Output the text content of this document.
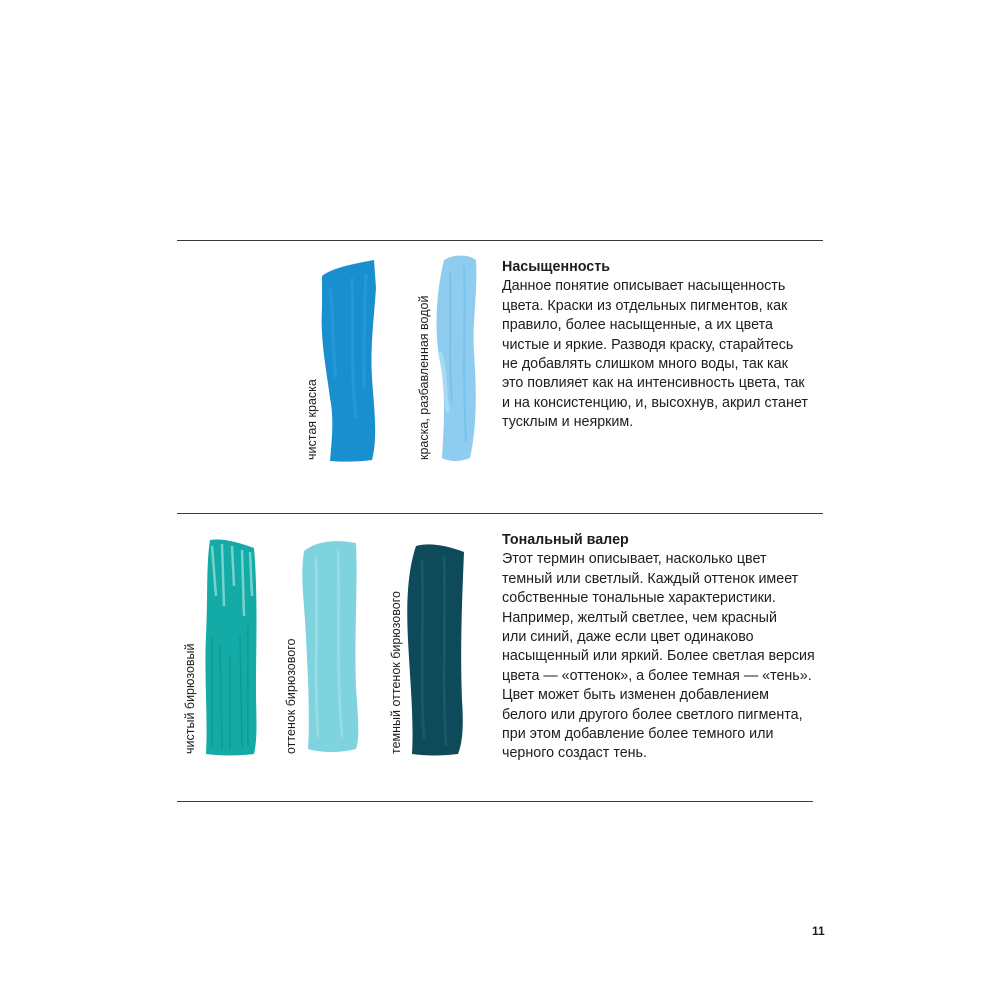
чистая краска	краска, разбавленная водой
Насыщенность
Данное понятие описывает насыщенность
цвета. Краски из отдельных пигментов, как
правило, более насыщенные, а их цвета
чистые и яркие. Разводя краску, старайтесь
не добавлять слишком много воды, так как
это повлияет как на интенсивность цвета, так
и на консистенцию, и, высохнув, акрил станет
тусклым и неярким.
чистый бирюзовый	оттенок бирюзового	темный оттенок бирюзового
Тональный валер
Этот термин описывает, насколько цвет
темный или светлый. Каждый оттенок имеет
собственные тональные характеристики.
Например, желтый светлее, чем красный
или синий, даже если цвет одинаково
насыщенный или яркий. Более светлая версия
цвета — «оттенок», а более темная — «тень».
Цвет может быть изменен добавлением
белого или другого более светлого пигмента,
при этом добавление более темного или
черного создаст тень.
11
